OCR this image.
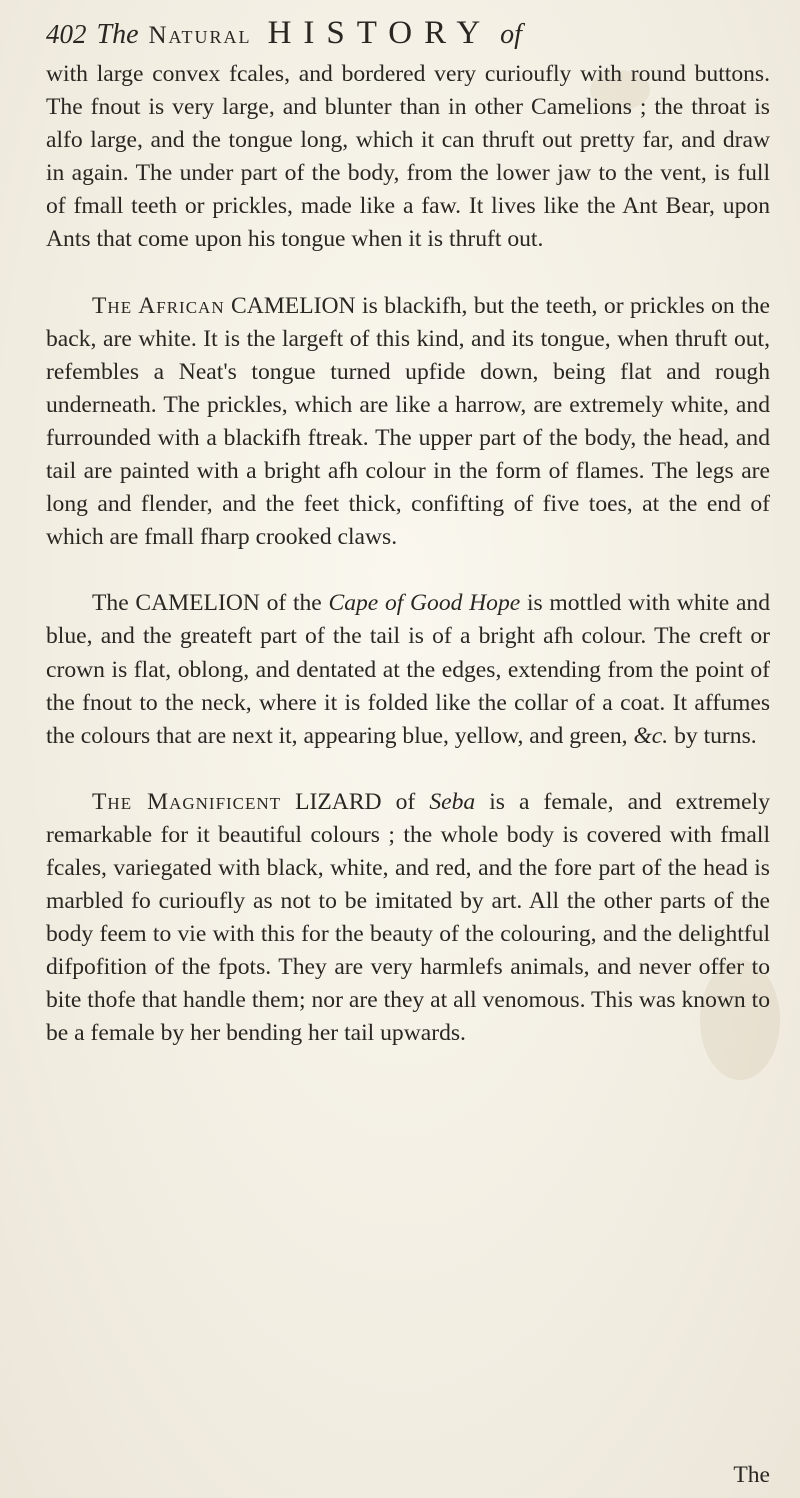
402 The Natural HISTORY of

with large convex fcales, and bordered very curioufly with round buttons. The fnout is very large, and blunter than in other Camelions ; the throat is alfo large, and the tongue long, which it can thruft out pretty far, and draw in again. The under part of the body, from the lower jaw to the vent, is full of fmall teeth or prickles, made like a faw. It lives like the Ant Bear, upon Ants that come upon his tongue when it is thruft out.

The African CAMELION is blackifh, but the teeth, or prickles on the back, are white. It is the largeft of this kind, and its tongue, when thruft out, refembles a Neat's tongue turned upfide down, being flat and rough underneath. The prickles, which are like a harrow, are extremely white, and furrounded with a blackifh ftreak. The upper part of the body, the head, and tail are painted with a bright afh colour in the form of flames. The legs are long and flender, and the feet thick, confifting of five toes, at the end of which are fmall fharp crooked claws.

The CAMELION of the Cape of Good Hope is mottled with white and blue, and the greateft part of the tail is of a bright afh colour. The creft or crown is flat, oblong, and dentated at the edges, extending from the point of the fnout to the neck, where it is folded like the collar of a coat. It affumes the colours that are next it, appearing blue, yellow, and green, &c. by turns.

The Magnificent LIZARD of Seba is a female, and extremely remarkable for it beautiful colours ; the whole body is covered with fmall fcales, variegated with black, white, and red, and the fore part of the head is marbled fo curioufly as not to be imitated by art. All the other parts of the body feem to vie with this for the beauty of the colouring, and the delightful difpofition of the fpots. They are very harmlefs animals, and never offer to bite thofe that handle them; nor are they at all venomous. This was known to be a female by her bending her tail upwards.

The
